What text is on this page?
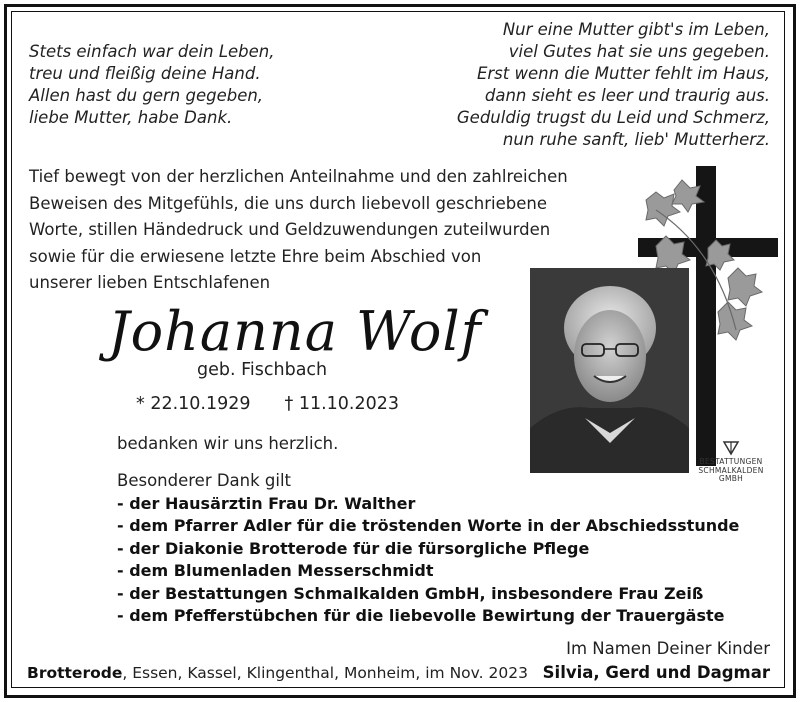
Stets einfach war dein Leben,
treu und fleißig deine Hand.
Allen hast du gern gegeben,
liebe Mutter, habe Dank.
Nur eine Mutter gibt's im Leben,
viel Gutes hat sie uns gegeben.
Erst wenn die Mutter fehlt im Haus,
dann sieht es leer und traurig aus.
Geduldig trugst du Leid und Schmerz,
nun ruhe sanft, lieb' Mutterherz.
Tief bewegt von der herzlichen Anteilnahme und den zahlreichen
Beweisen des Mitgefühls, die uns durch liebevoll geschriebene
Worte, stillen Händedruck und Geldzuwendungen zuteilwurden
sowie für die erwiesene letzte Ehre beim Abschied von
unserer lieben Entschlafenen
Johanna Wolf
geb. Fischbach
* 22.10.1929 † 11.10.2023
bedanken wir uns herzlich.
Besonderer Dank gilt
- der Hausärztin Frau Dr. Walther
- dem Pfarrer Adler für die tröstenden Worte in der Abschiedsstunde
- der Diakonie Brotterode für die fürsorgliche Pflege
- dem Blumenladen Messerschmidt
- der Bestattungen Schmalkalden GmbH, insbesondere Frau Zeiß
- dem Pfefferstübchen für die liebevolle Bewirtung der Trauergäste
BESTATTUNGEN
SCHMALKALDEN
GMBH
Brotterode, Essen, Kassel, Klingenthal, Monheim, im Nov. 2023
Im Namen Deiner Kinder
Silvia, Gerd und Dagmar
